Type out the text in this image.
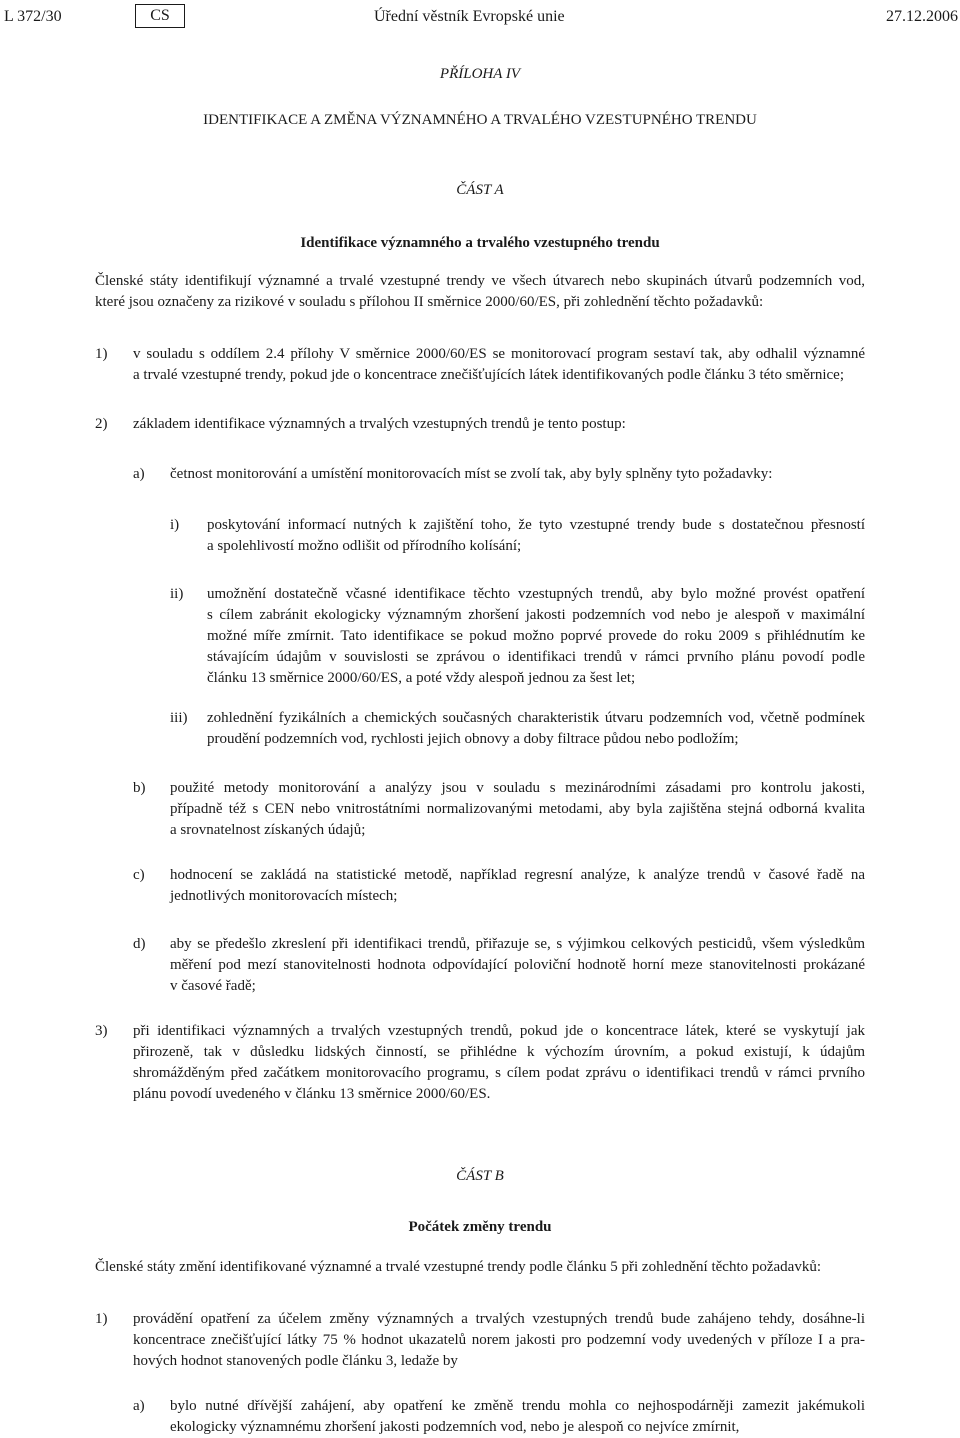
L 372/30	CS	Úřední věstník Evropské unie	27.12.2006
PŘÍLOHA IV
IDENTIFIKACE A ZMĚNA VÝZNAMNÉHO A TRVALÉHO VZESTUPNÉHO TRENDU
ČÁST A
Identifikace významného a trvalého vzestupného trendu
Členské státy identifikují významné a trvalé vzestupné trendy ve všech útvarech nebo skupinách útvarů podzemních vod,
které jsou označeny za rizikové v souladu s přílohou II směrnice 2000/60/ES, při zohlednění těchto požadavků:
1) v souladu s oddílem 2.4 přílohy V směrnice 2000/60/ES se monitorovací program sestaví tak, aby odhalil významné
a trvalé vzestupné trendy, pokud jde o koncentrace znečišťujících látek identifikovaných podle článku 3 této směrnice;
2) základem identifikace významných a trvalých vzestupných trendů je tento postup:
a) četnost monitorování a umístění monitorovacích míst se zvolí tak, aby byly splněny tyto požadavky:
i) poskytování informací nutných k zajištění toho, že tyto vzestupné trendy bude s dostatečnou přesností
a spolehlivostí možno odlišit od přírodního kolísání;
ii) umožnění dostatečně včasné identifikace těchto vzestupných trendů, aby bylo možné provést opatření
s cílem zabránit ekologicky významným zhoršení jakosti podzemních vod nebo je alespoň v maximální
možné míře zmírnit. Tato identifikace se pokud možno poprvé provede do roku 2009 s přihlédnutím ke
stávajícím údajům v souvislosti se zprávou o identifikaci trendů v rámci prvního plánu povodí podle
článku 13 směrnice 2000/60/ES, a poté vždy alespoň jednou za šest let;
iii) zohlednění fyzikálních a chemických současných charakteristik útvaru podzemních vod, včetně podmínek
proudění podzemních vod, rychlosti jejich obnovy a doby filtrace půdou nebo podložím;
b) použité metody monitorování a analýzy jsou v souladu s mezinárodními zásadami pro kontrolu jakosti,
případně též s CEN nebo vnitrostátními normalizovanými metodami, aby byla zajištěna stejná odborná kvalita
a srovnatelnost získaných údajů;
c) hodnocení se zakládá na statistické metodě, například regresní analýze, k analýze trendů v časové řadě na
jednotlivých monitorovacích místech;
d) aby se předešlo zkreslení při identifikaci trendů, přiřazuje se, s výjimkou celkových pesticidů, všem výsledkům
měření pod mezí stanovitelnosti hodnota odpovídající poloviční hodnotě horní meze stanovitelnosti prokázané
v časové řadě;
3) při identifikaci významných a trvalých vzestupných trendů, pokud jde o koncentrace látek, které se vyskytují jak
přirozeně, tak v důsledku lidských činností, se přihlédne k výchozím úrovním, a pokud existují, k údajům
shromážděným před začátkem monitorovacího programu, s cílem podat zprávu o identifikaci trendů v rámci prvního
plánu povodí uvedeného v článku 13 směrnice 2000/60/ES.
ČÁST B
Počátek změny trendu
Členské státy změní identifikované významné a trvalé vzestupné trendy podle článku 5 při zohlednění těchto požadavků:
1) provádění opatření za účelem změny významných a trvalých vzestupných trendů bude zahájeno tehdy, dosáhne-li
koncentrace znečišťující látky 75 % hodnot ukazatelů norem jakosti pro podzemní vody uvedených v příloze I a pra-
hových hodnot stanovených podle článku 3, ledaže by
a) bylo nutné dřívější zahájení, aby opatření ke změně trendu mohla co nejhospodárněji zamezit jakémukoli
ekologicky významnému zhoršení jakosti podzemních vod, nebo je alespoň co nejvíce zmírnit,
